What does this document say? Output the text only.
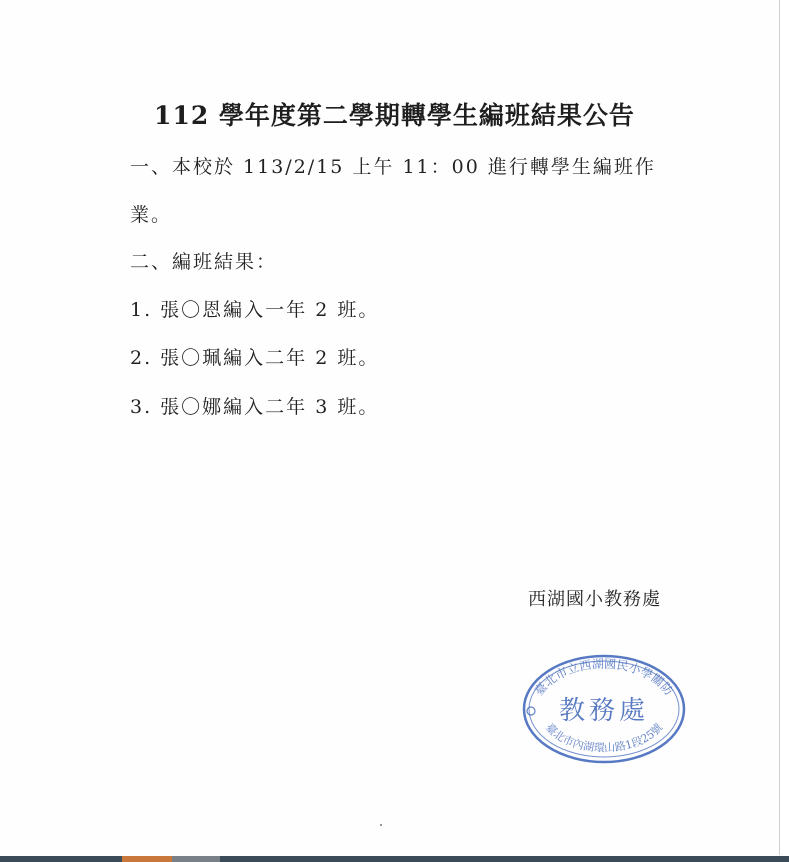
112 學年度第二學期轉學生編班結果公告
一、本校於 113/2/15 上午 11：00 進行轉學生編班作
業。
二、編班結果：
1. 張〇恩編入一年 2 班。
2. 張〇珮編入二年 2 班。
3. 張〇娜編入二年 3 班。
西湖國小教務處
臺北市立西湖國民小學關防
臺北市內湖環山路1段25號
教務處
